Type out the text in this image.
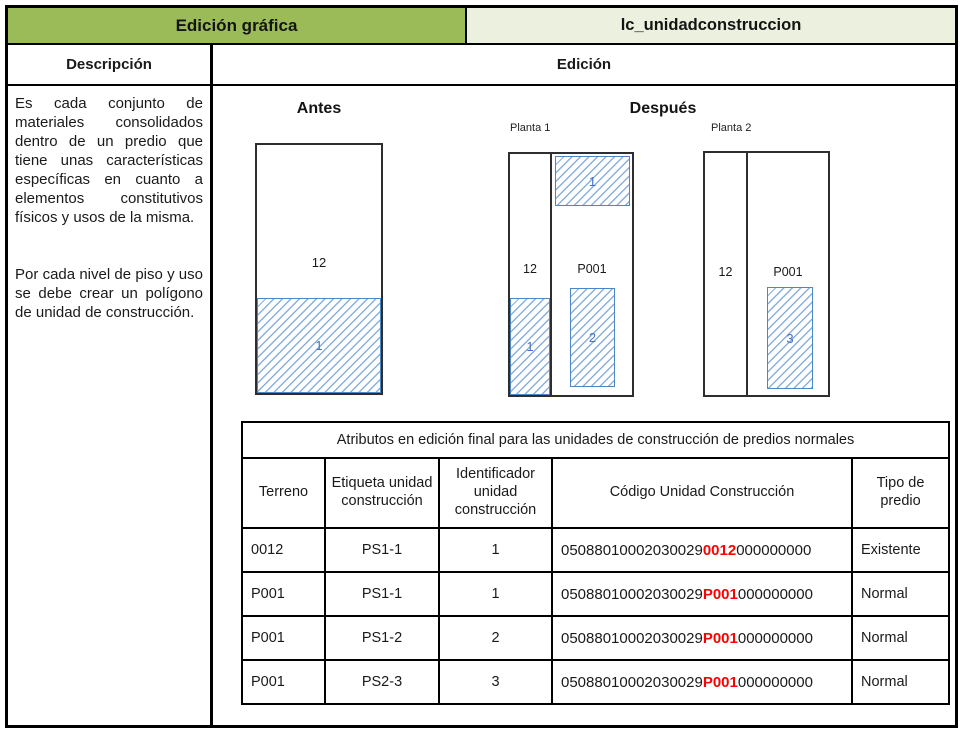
Edición gráfica	lc_unidadconstruccion
Descripción	Edición

Es cada conjunto de materiales consolidados dentro de un predio que tiene unas características específicas en cuanto a elementos constitutivos físicos y usos de la misma.

Por cada nivel de piso y uso se debe crear un polígono de unidad de construcción.

Antes
12
1
Después
Planta 1
12	P001
1
1
2
Planta 2
12	P001
3
Atributos en edición final para las unidades de construcción de predios normales				
Terreno	Etiqueta unidad construcción	Identificador unidad construcción	Código Unidad Construcción	Tipo de predio
0012	PS1-1	1	050880100020300290012000000000	Existente
P001	PS1-1	1	05088010002030029P001000000000	Normal
P001	PS1-2	2	05088010002030029P001000000000	Normal
P001	PS2-3	3	05088010002030029P001000000000	Normal
